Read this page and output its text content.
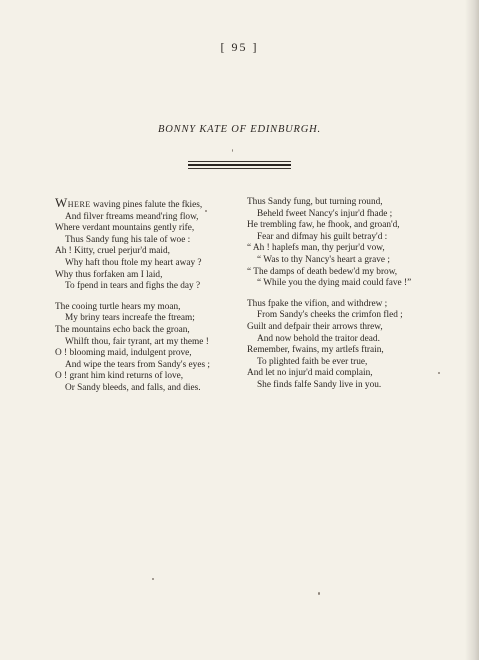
[ 95 ]
BONNY KATE OF EDINBURGH.
WHERE waving pines falute the fkies,
And filver ftreams meand'ring flow,
Where verdant mountains gently rife,
Thus Sandy fung his tale of woe :
Ah ! Kitty, cruel perjur'd maid,
Why haft thou ftole my heart away ?
Why thus forfaken am I laid,
To fpend in tears and fighs the day ?
The cooing turtle hears my moan,
My briny tears increafe the ftream;
The mountains echo back the groan,
Whilft thou, fair tyrant, art my theme !
O ! blooming maid, indulgent prove,
And wipe the tears from Sandy's eyes ;
O ! grant him kind returns of love,
Or Sandy bleeds, and falls, and dies.
Thus Sandy fung, but turning round,
Beheld fweet Nancy's injur'd fhade ;
He trembling faw, he fhook, and groan'd,
Fear and difmay his guilt betray'd :
“ Ah ! haplefs man, thy perjur'd vow,
“ Was to thy Nancy's heart a grave ;
“ The damps of death bedew'd my brow,
“ While you the dying maid could fave !”
Thus fpake the vifion, and withdrew ;
From Sandy's cheeks the crimfon fled ;
Guilt and defpair their arrows threw,
And now behold the traitor dead.
Remember, fwains, my artlefs ftrain,
To plighted faith be ever true,
And let no injur'd maid complain,
She finds falfe Sandy live in you.
